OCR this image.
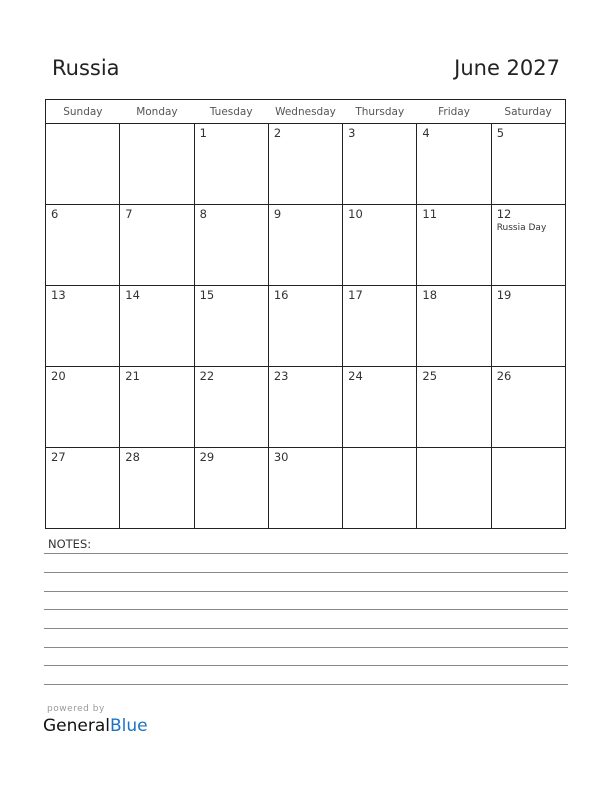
Russia	June 2027
Sunday	Monday	Tuesday	Wednesday	Thursday	Friday	Saturday
		1	2	3	4	5
6	7	8	9	10	11	12
Russia Day

13	14	15	16	17	18	19
20	21	22	23	24	25	26
27	28	29	30			
NOTES:
powered by
GeneralBlue
